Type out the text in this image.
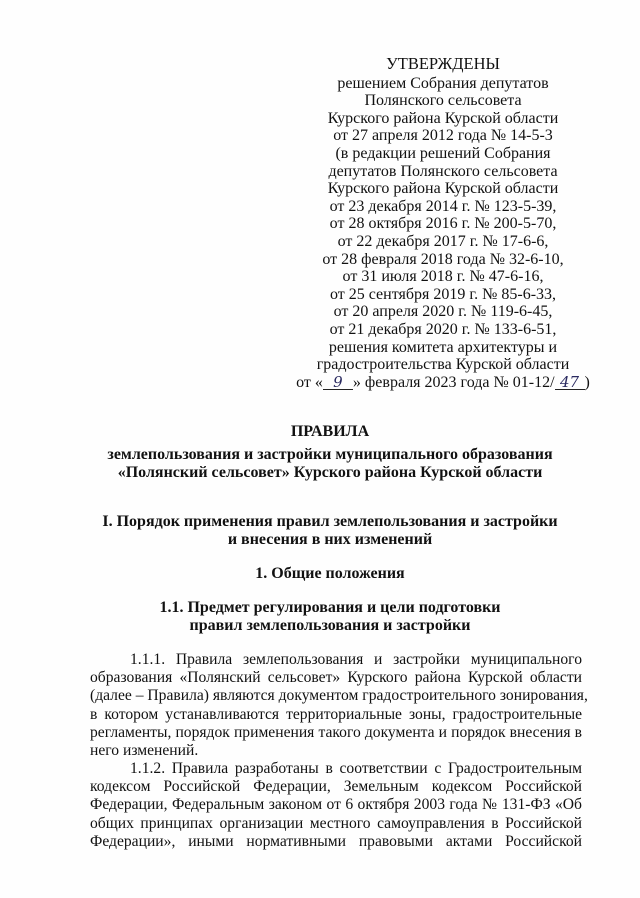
УТВЕРЖДЕНЫ
решением Собрания депутатов
Полянского сельсовета
Курского района Курской области
от 27 апреля 2012 года № 14-5-3
(в редакции решений Собрания
депутатов Полянского сельсовета
Курского района Курской области
от 23 декабря 2014 г. № 123-5-39,
от 28 октября 2016 г. № 200-5-70,
от 22 декабря 2017 г. № 17-6-6,
от 28 февраля 2018 года № 32-6-10,
от 31 июля 2018 г. № 47-6-16,
от 25 сентября 2019 г. № 85-6-33,
от 20 апреля 2020 г. № 119-6-45,
от 21 декабря 2020 г. № 133-6-51,
решения комитета архитектуры и
градостроительства Курской области
от « 9 » февраля 2023 года № 01-12/ 47 )
ПРАВИЛА
землепользования и застройки муниципального образования
«Полянский сельсовет» Курского района Курской области
I. Порядок применения правил землепользования и застройки
и внесения в них изменений
1. Общие положения
1.1. Предмет регулирования и цели подготовки
правил землепользования и застройки
1.1.1. Правила землепользования и застройки муниципального
образования «Полянский сельсовет» Курского района Курской области
(далее – Правила) являются документом градостроительного зонирования,
в котором устанавливаются территориальные зоны, градостроительные
регламенты, порядок применения такого документа и порядок внесения в
него изменений.
1.1.2. Правила разработаны в соответствии с Градостроительным
кодексом Российской Федерации, Земельным кодексом Российской
Федерации, Федеральным законом от 6 октября 2003 года № 131-ФЗ «Об
общих принципах организации местного самоуправления в Российской
Федерации», иными нормативными правовыми актами Российской
